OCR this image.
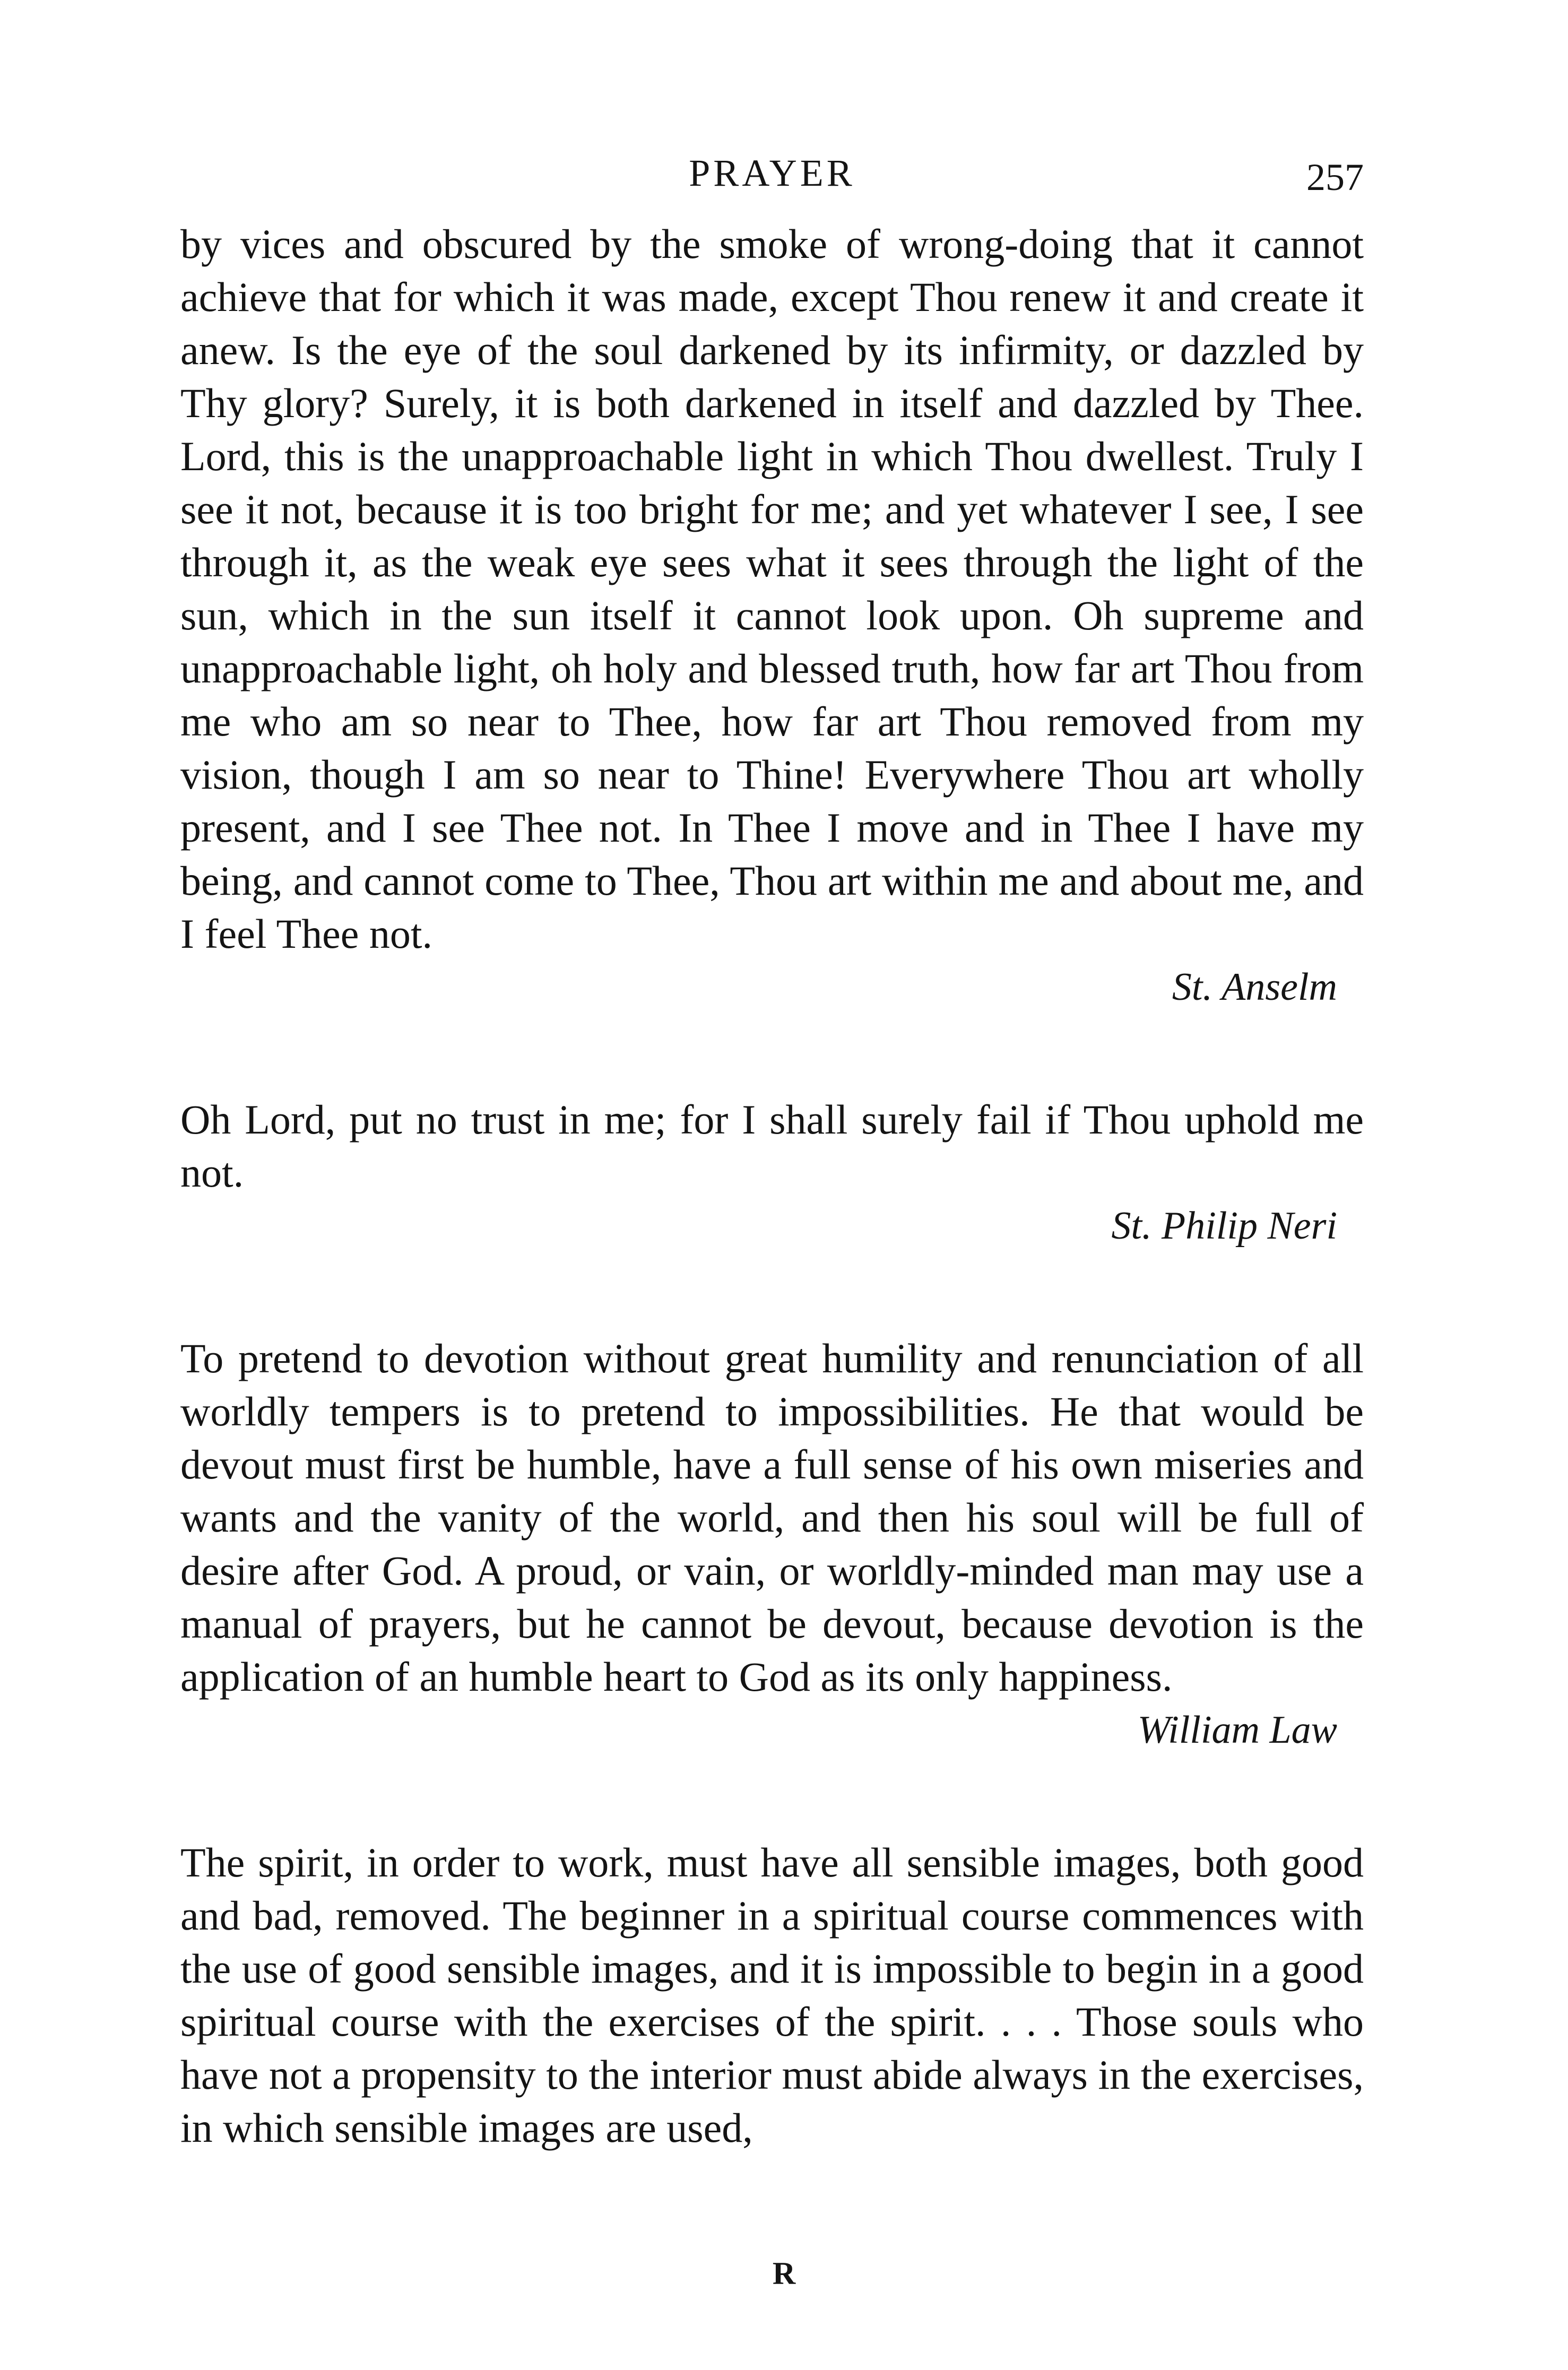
PRAYER	257

by vices and obscured by the smoke of wrong-doing that it cannot achieve that for which it was made, except Thou renew it and create it anew. Is the eye of the soul darkened by its infirmity, or dazzled by Thy glory? Surely, it is both darkened in itself and dazzled by Thee. Lord, this is the unapproachable light in which Thou dwellest. Truly I see it not, because it is too bright for me; and yet whatever I see, I see through it, as the weak eye sees what it sees through the light of the sun, which in the sun itself it cannot look upon. Oh supreme and unapproachable light, oh holy and blessed truth, how far art Thou from me who am so near to Thee, how far art Thou removed from my vision, though I am so near to Thine! Everywhere Thou art wholly present, and I see Thee not. In Thee I move and in Thee I have my being, and cannot come to Thee, Thou art within me and about me, and I feel Thee not.

St. Anselm

Oh Lord, put no trust in me; for I shall surely fail if Thou uphold me not.

St. Philip Neri

To pretend to devotion without great humility and renunciation of all worldly tempers is to pretend to impossibilities. He that would be devout must first be humble, have a full sense of his own miseries and wants and the vanity of the world, and then his soul will be full of desire after God. A proud, or vain, or worldly-minded man may use a manual of prayers, but he cannot be devout, because devotion is the application of an humble heart to God as its only happiness.

William Law

The spirit, in order to work, must have all sensible images, both good and bad, removed. The beginner in a spiritual course commences with the use of good sensible images, and it is impossible to begin in a good spiritual course with the exercises of the spirit. . . . Those souls who have not a propensity to the interior must abide always in the exercises, in which sensible images are used,

R
